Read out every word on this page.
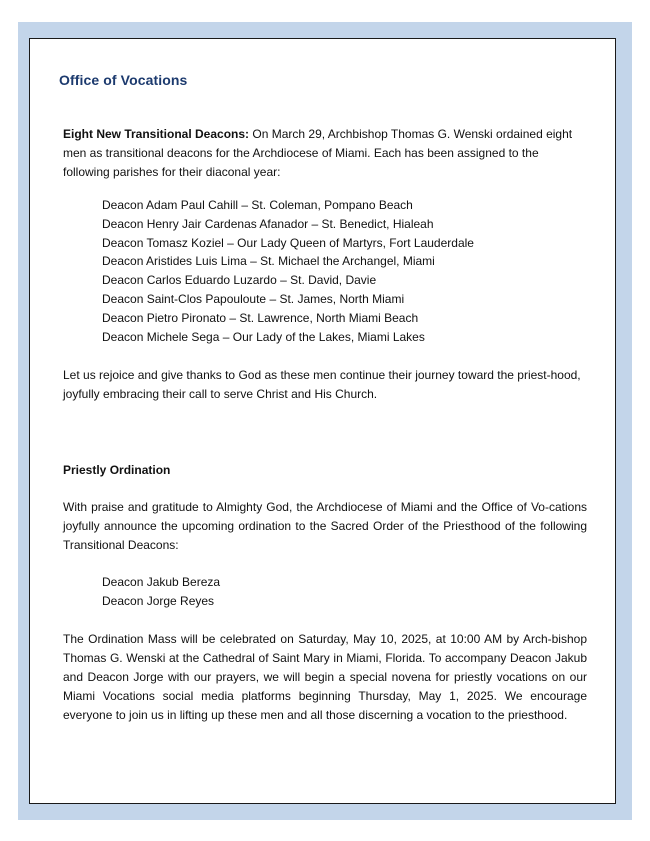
Office of Vocations

Eight New Transitional Deacons: On March 29, Archbishop Thomas G. Wenski ordained eight men as transitional deacons for the Archdiocese of Miami. Each has been assigned to the following parishes for their diaconal year:

Deacon Adam Paul Cahill – St. Coleman, Pompano Beach
Deacon Henry Jair Cardenas Afanador – St. Benedict, Hialeah
Deacon Tomasz Koziel – Our Lady Queen of Martyrs, Fort Lauderdale
Deacon Aristides Luis Lima – St. Michael the Archangel, Miami
Deacon Carlos Eduardo Luzardo – St. David, Davie
Deacon Saint-Clos Papouloute – St. James, North Miami
Deacon Pietro Pironato – St. Lawrence, North Miami Beach
Deacon Michele Sega – Our Lady of the Lakes, Miami Lakes

Let us rejoice and give thanks to God as these men continue their journey toward the priest-hood, joyfully embracing their call to serve Christ and His Church.

Priestly Ordination

With praise and gratitude to Almighty God, the Archdiocese of Miami and the Office of Vo-cations joyfully announce the upcoming ordination to the Sacred Order of the Priesthood of the following Transitional Deacons:

Deacon Jakub Bereza
Deacon Jorge Reyes

The Ordination Mass will be celebrated on Saturday, May 10, 2025, at 10:00 AM by Arch-bishop Thomas G. Wenski at the Cathedral of Saint Mary in Miami, Florida. To accompany Deacon Jakub and Deacon Jorge with our prayers, we will begin a special novena for priestly vocations on our Miami Vocations social media platforms beginning Thursday, May 1, 2025. We encourage everyone to join us in lifting up these men and all those discerning a vocation to the priesthood.
